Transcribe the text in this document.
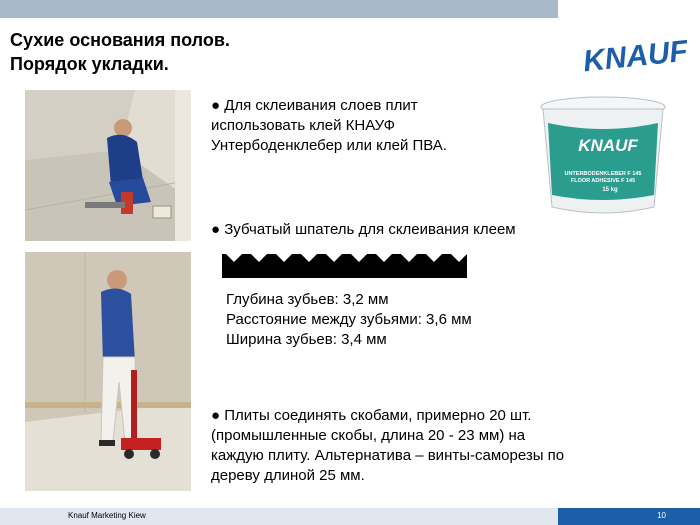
Сухие основания полов.
Порядок укладки.	KNAUF
● Для склеивания слоев плит использовать клей КНАУФ Унтербоденклебер или клей ПВА.	KNAUF
UNTERBODENKLEBER F 145
FLOOR ADHESIVE F 145
15 kg
● Зубчатый шпатель для склеивания клеем
Глубина зубьев: 3,2 мм
Расстояние между зубьями: 3,6 мм
Ширина зубьев: 3,4 мм
● Плиты соединять скобами, примерно 20 шт. (промышленные скобы, длина 20 - 23 мм) на каждую плиту. Альтернатива – винты-саморезы по дереву длиной 25 мм.
Knauf Marketing Kiew	10
